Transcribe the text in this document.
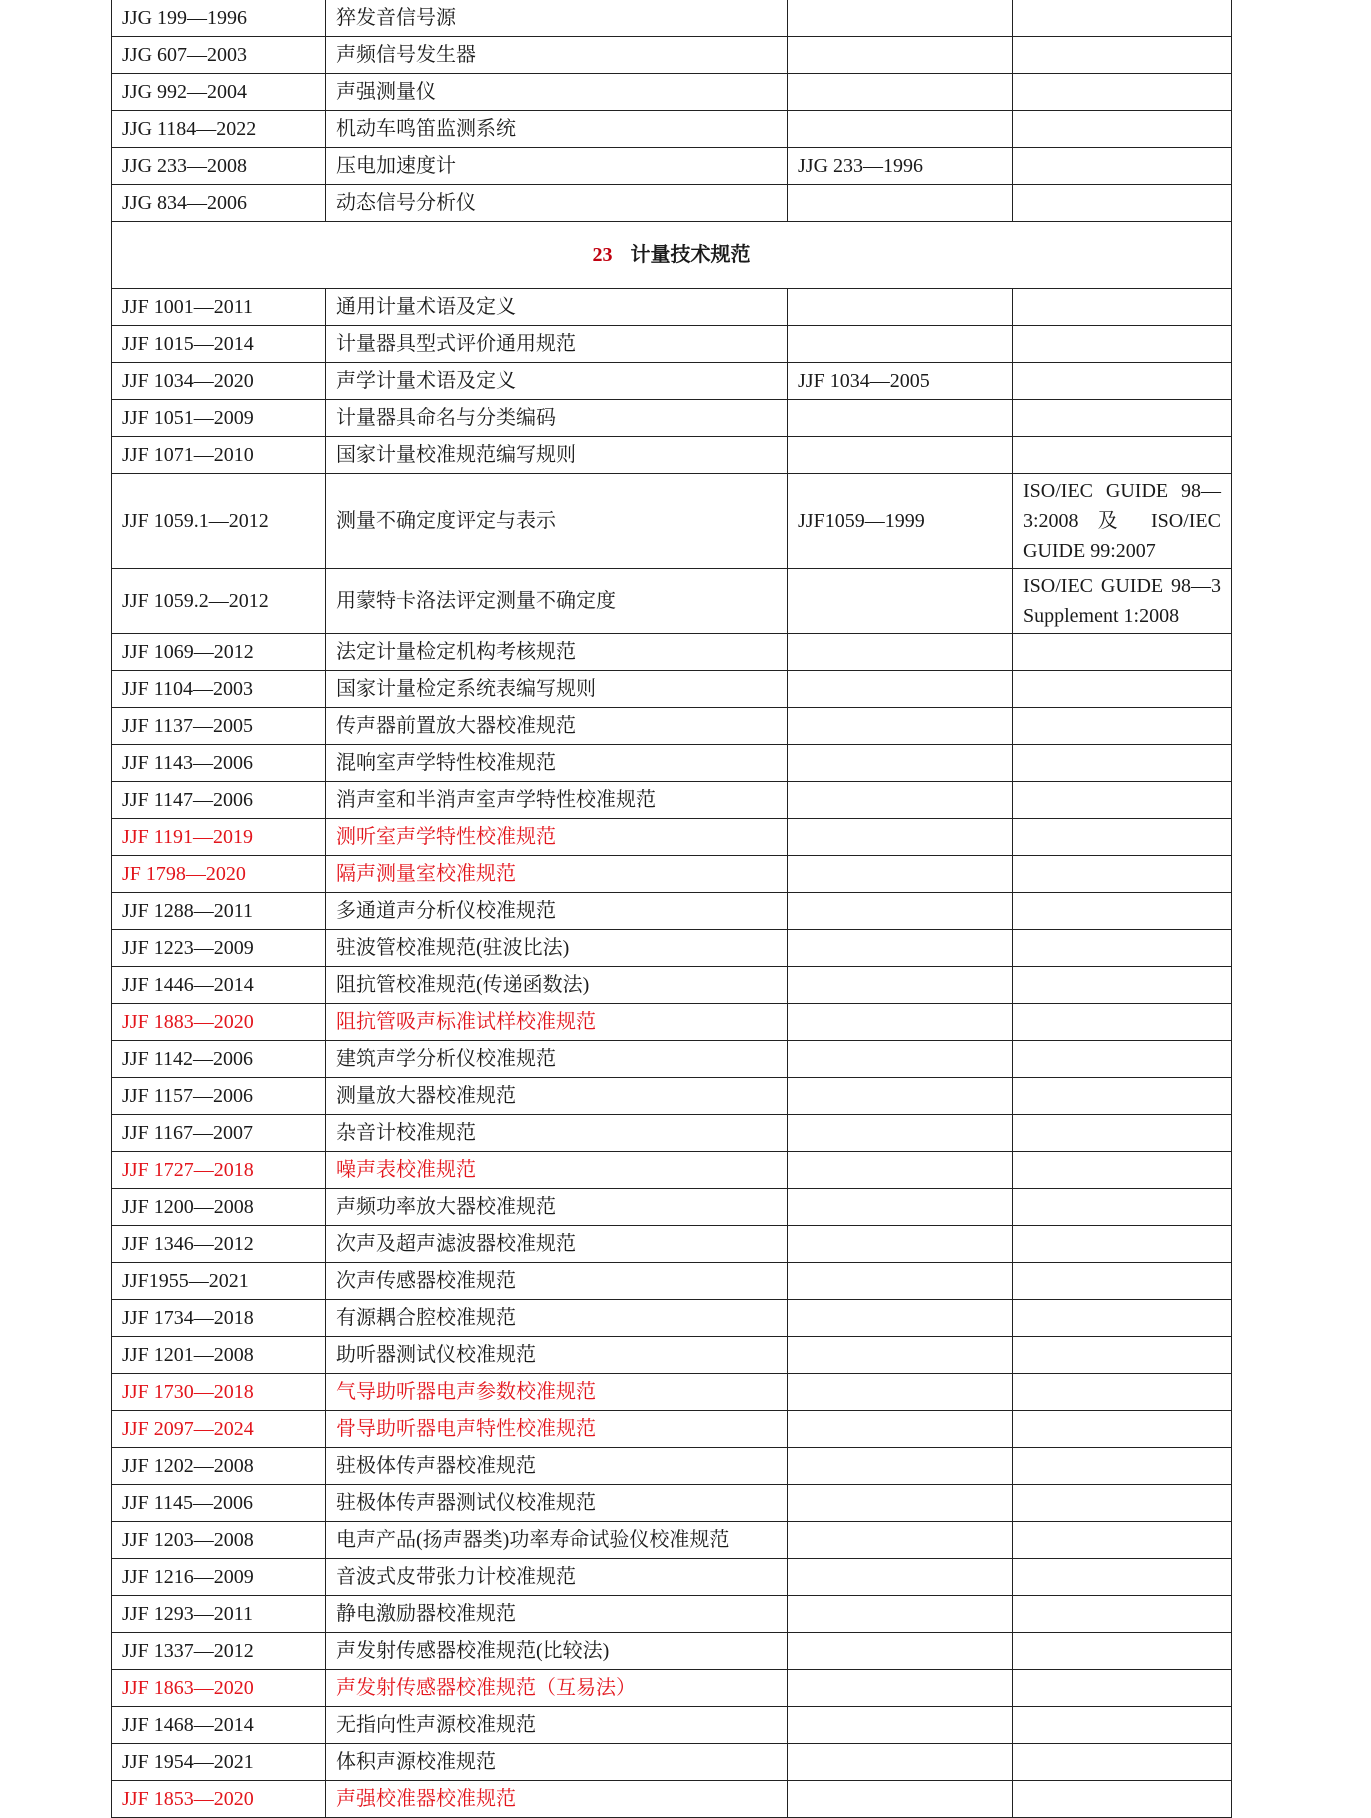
JJG 199—1996	猝发音信号源		
JJG 607—2003	声频信号发生器		
JJG 992—2004	声强测量仪		
JJG 1184—2022	机动车鸣笛监测系统		
JJG 233—2008	压电加速度计	JJG 233—1996	
JJG 834—2006	动态信号分析仪		
23 计量技术规范			
JJF 1001—2011	通用计量术语及定义		
JJF 1015—2014	计量器具型式评价通用规范		
JJF 1034—2020	声学计量术语及定义	JJF 1034—2005	
JJF 1051—2009	计量器具命名与分类编码		
JJF 1071—2010	国家计量校准规范编写规则		
JJF 1059.1—2012	测量不确定度评定与表示	JJF1059—1999	ISO/IEC GUIDE 98—3:2008 及 ISO/IEC GUIDE 99:2007
JJF 1059.2—2012	用蒙特卡洛法评定测量不确定度		ISO/IEC GUIDE 98—3 Supplement 1:2008
JJF 1069—2012	法定计量检定机构考核规范		
JJF 1104—2003	国家计量检定系统表编写规则		
JJF 1137—2005	传声器前置放大器校准规范		
JJF 1143—2006	混响室声学特性校准规范		
JJF 1147—2006	消声室和半消声室声学特性校准规范		
JJF 1191—2019	测听室声学特性校准规范		
JF 1798—2020	隔声测量室校准规范		
JJF 1288—2011	多通道声分析仪校准规范		
JJF 1223—2009	驻波管校准规范(驻波比法)		
JJF 1446—2014	阻抗管校准规范(传递函数法)		
JJF 1883—2020	阻抗管吸声标准试样校准规范		
JJF 1142—2006	建筑声学分析仪校准规范		
JJF 1157—2006	测量放大器校准规范		
JJF 1167—2007	杂音计校准规范		
JJF 1727—2018	噪声表校准规范		
JJF 1200—2008	声频功率放大器校准规范		
JJF 1346—2012	次声及超声滤波器校准规范		
JJF1955—2021	次声传感器校准规范		
JJF 1734—2018	有源耦合腔校准规范		
JJF 1201—2008	助听器测试仪校准规范		
JJF 1730—2018	气导助听器电声参数校准规范		
JJF 2097—2024	骨导助听器电声特性校准规范		
JJF 1202—2008	驻极体传声器校准规范		
JJF 1145—2006	驻极体传声器测试仪校准规范		
JJF 1203—2008	电声产品(扬声器类)功率寿命试验仪校准规范		
JJF 1216—2009	音波式皮带张力计校准规范		
JJF 1293—2011	静电激励器校准规范		
JJF 1337—2012	声发射传感器校准规范(比较法)		
JJF 1863—2020	声发射传感器校准规范（互易法）		
JJF 1468—2014	无指向性声源校准规范		
JJF 1954—2021	体积声源校准规范		
JJF 1853—2020	声强校准器校准规范		
